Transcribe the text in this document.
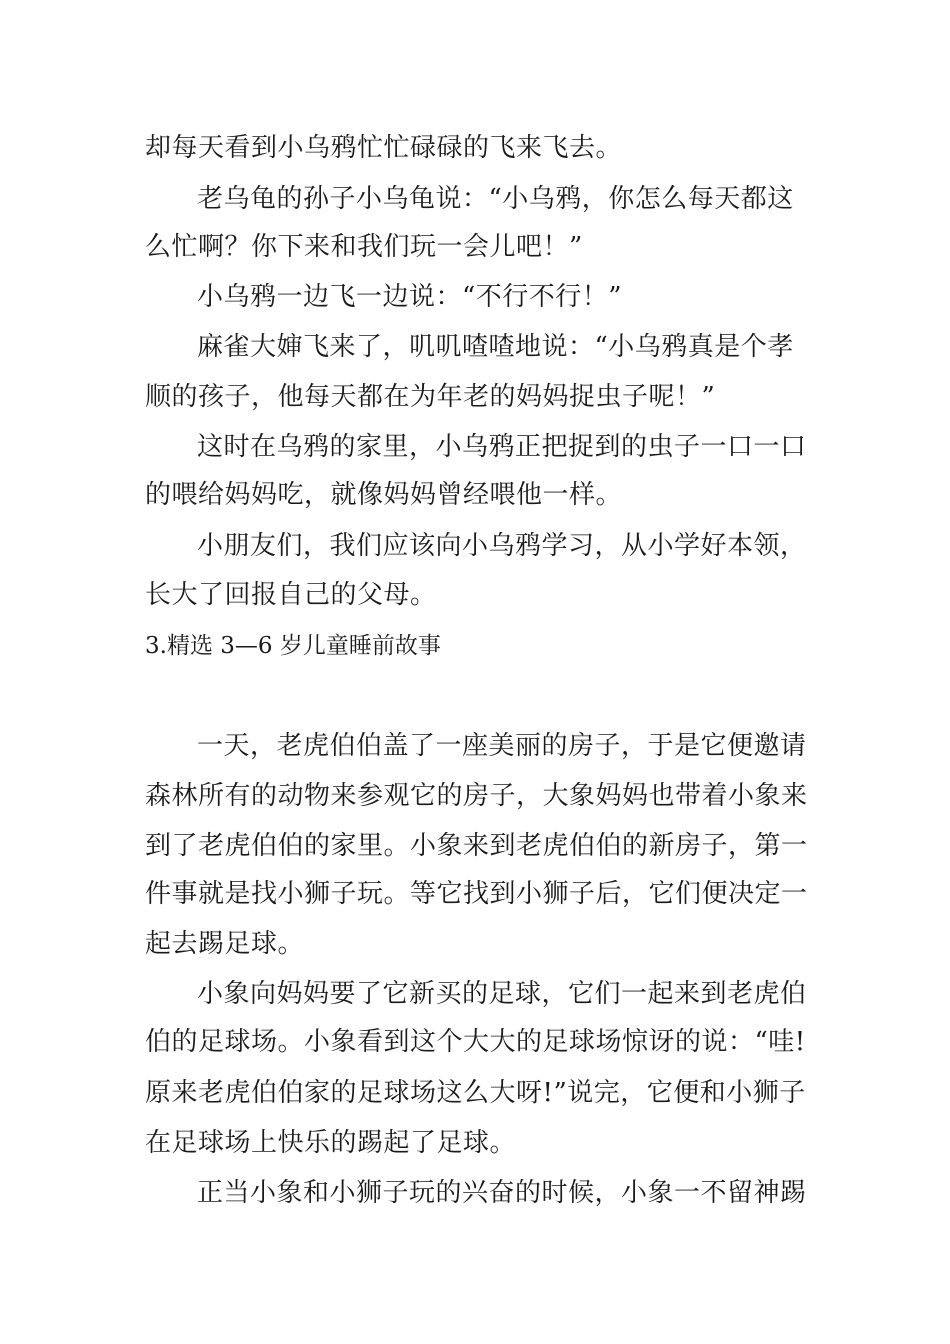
却每天看到小乌鸦忙忙碌碌的飞来飞去。
老乌龟的孙子小乌龟说：“小乌鸦，你怎么每天都这
么忙啊？你下来和我们玩一会儿吧！”
小乌鸦一边飞一边说：“不行不行！”
麻雀大婶飞来了，叽叽喳喳地说：“小乌鸦真是个孝
顺的孩子，他每天都在为年老的妈妈捉虫子呢！”
这时在乌鸦的家里，小乌鸦正把捉到的虫子一口一口
的喂给妈妈吃，就像妈妈曾经喂他一样。
小朋友们，我们应该向小乌鸦学习，从小学好本领，
长大了回报自己的父母。
3.精选 3—6 岁儿童睡前故事
一天，老虎伯伯盖了一座美丽的房子，于是它便邀请
森林所有的动物来参观它的房子，大象妈妈也带着小象来
到了老虎伯伯的家里。小象来到老虎伯伯的新房子，第一
件事就是找小狮子玩。等它找到小狮子后，它们便决定一
起去踢足球。
小象向妈妈要了它新买的足球，它们一起来到老虎伯
伯的足球场。小象看到这个大大的足球场惊讶的说：“哇!
原来老虎伯伯家的足球场这么大呀!”说完，它便和小狮子
在足球场上快乐的踢起了足球。
正当小象和小狮子玩的兴奋的时候，小象一不留神踢
